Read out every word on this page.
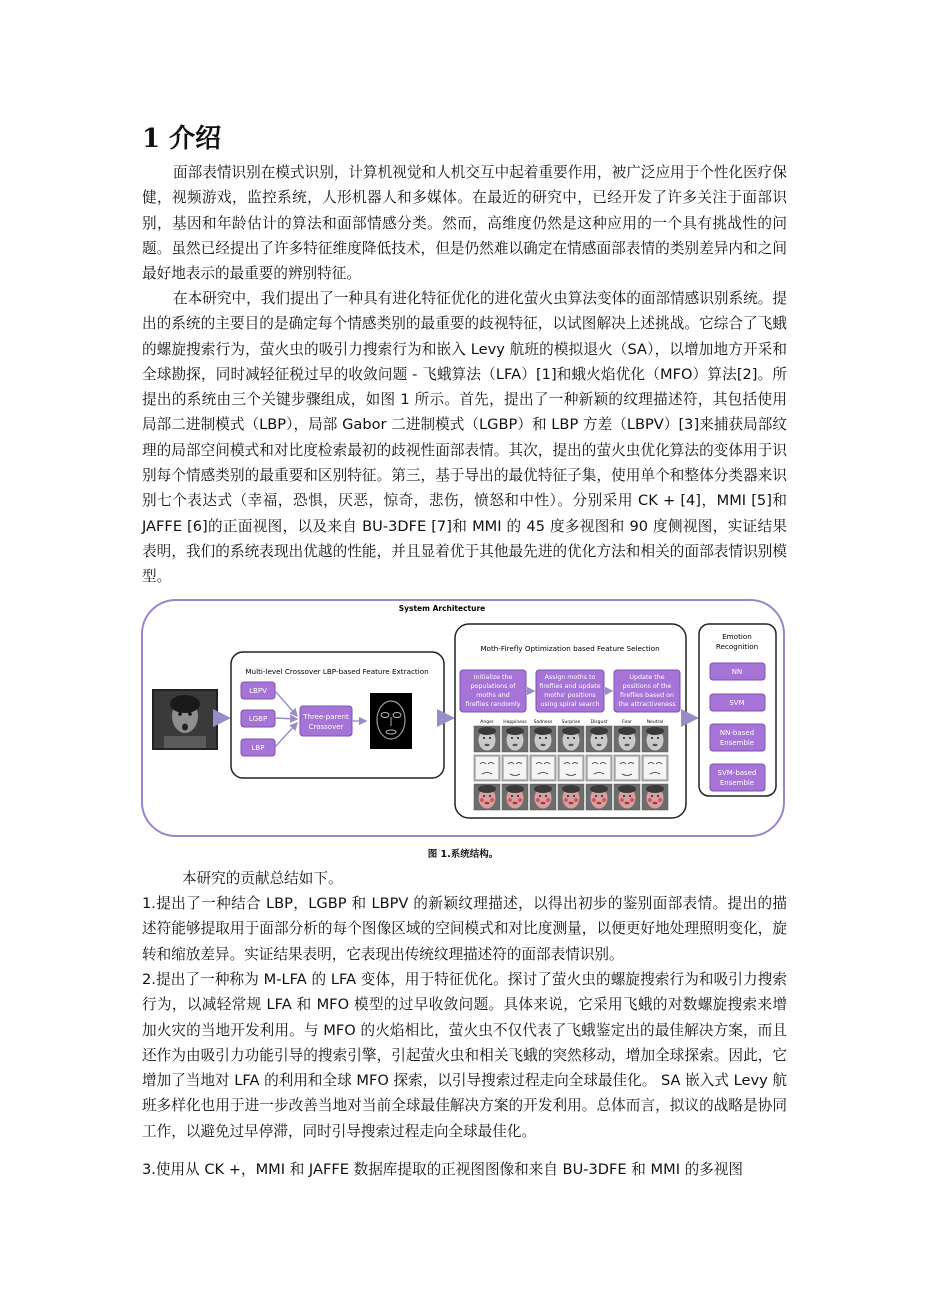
1 介绍

面部表情识别在模式识别，计算机视觉和人机交互中起着重要作用，被广泛应用于个性化医疗保健，视频游戏，监控系统，人形机器人和多媒体。在最近的研究中，已经开发了许多关注于面部识别，基因和年龄估计的算法和面部情感分类。然而，高维度仍然是这种应用的一个具有挑战性的问题。虽然已经提出了许多特征维度降低技术，但是仍然难以确定在情感面部表情的类别差异内和之间最好地表示的最重要的辨别特征。

在本研究中，我们提出了一种具有进化特征优化的进化萤火虫算法变体的面部情感识别系统。提出的系统的主要目的是确定每个情感类别的最重要的歧视特征，以试图解决上述挑战。它综合了飞蛾的螺旋搜索行为，萤火虫的吸引力搜索行为和嵌入 Levy 航班的模拟退火（SA），以增加地方开采和全球勘探，同时减轻征税过早的收敛问题 - 飞蛾算法（LFA）[1]和蛾火焰优化（MFO）算法[2]。所提出的系统由三个关键步骤组成，如图 1 所示。首先，提出了一种新颖的纹理描述符，其包括使用局部二进制模式（LBP），局部 Gabor 二进制模式（LGBP）和 LBP 方差（LBPV）[3]来捕获局部纹理的局部空间模式和对比度检索最初的歧视性面部表情。其次，提出的萤火虫优化算法的变体用于识别每个情感类别的最重要和区别特征。第三，基于导出的最优特征子集，使用单个和整体分类器来识别七个表达式（幸福，恐惧，厌恶，惊奇，悲伤，愤怒和中性）。分别采用 CK + [4]，MMI [5]和 JAFFE [6]的正面视图，以及来自 BU-3DFE [7]和 MMI 的 45 度多视图和 90 度侧视图，实证结果表明，我们的系统表现出优越的性能，并且显着优于其他最先进的优化方法和相关的面部表情识别模型。

System Architecture
Multi-level Crossover LBP-based Feature Extraction
LBPV
LGBP
LBP
Three-parent
Crossover
Moth-Firefly Optimization based Feature Selection
Initialize the
populations of
moths and
fireflies randomly
Assign moths to
fireflies and update
moths' positions
using spiral search
Update the
positions of the
fireflies based on
the attractiveness
Anger Happiness Sadness Surprise Disgust	Fear	Neutral
Emotion
Recognition
NN
SVM
NN-based
Ensemble
SVM-based
Ensemble
图 1.系统结构。

本研究的贡献总结如下。

1.提出了一种结合 LBP，LGBP 和 LBPV 的新颖纹理描述，以得出初步的鉴别面部表情。提出的描述符能够提取用于面部分析的每个图像区域的空间模式和对比度测量，以便更好地处理照明变化，旋转和缩放差异。实证结果表明，它表现出传统纹理描述符的面部表情识别。

2.提出了一种称为 M-LFA 的 LFA 变体，用于特征优化。探讨了萤火虫的螺旋搜索行为和吸引力搜索行为，以减轻常规 LFA 和 MFO 模型的过早收敛问题。具体来说，它采用飞蛾的对数螺旋搜索来增加火灾的当地开发利用。与 MFO 的火焰相比，萤火虫不仅代表了飞蛾鉴定出的最佳解决方案，而且还作为由吸引力功能引导的搜索引擎，引起萤火虫和相关飞蛾的突然移动，增加全球探索。因此，它增加了当地对 LFA 的利用和全球 MFO 探索，以引导搜索过程走向全球最佳化。 SA 嵌入式 Levy 航班多样化也用于进一步改善当地对当前全球最佳解决方案的开发利用。总体而言，拟议的战略是协同工作，以避免过早停滞，同时引导搜索过程走向全球最佳化。

3.使用从 CK +，MMI 和 JAFFE 数据库提取的正视图图像和来自 BU-3DFE 和 MMI 的多视图
